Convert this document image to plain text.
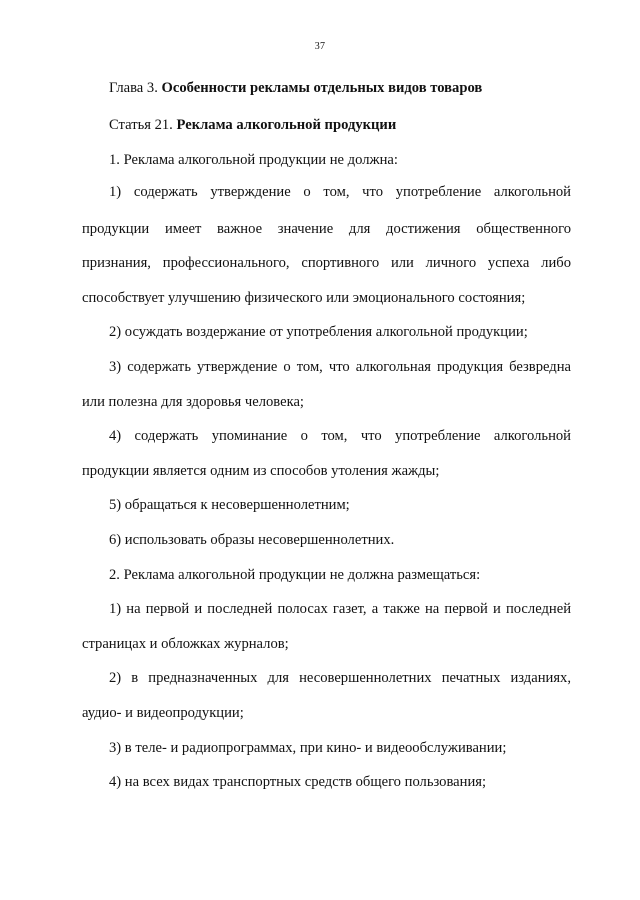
37
Глава 3. Особенности рекламы отдельных видов товаров
Статья 21. Реклама алкогольной продукции
1. Реклама алкогольной продукции не должна:
1) содержать утверждение о том, что употребление алкогольной
продукции имеет важное значение для достижения общественного
признания, профессионального, спортивного или личного успеха либо
способствует улучшению физического или эмоционального состояния;
2) осуждать воздержание от употребления алкогольной продукции;
3) содержать утверждение о том, что алкогольная продукция безвредна
или полезна для здоровья человека;
4) содержать упоминание о том, что употребление алкогольной
продукции является одним из способов утоления жажды;
5) обращаться к несовершеннолетним;
6) использовать образы несовершеннолетних.
2. Реклама алкогольной продукции не должна размещаться:
1) на первой и последней полосах газет, а также на первой и последней
страницах и обложках журналов;
2) в предназначенных для несовершеннолетних печатных изданиях,
аудио- и видеопродукции;
3) в теле- и радиопрограммах, при кино- и видеообслуживании;
4) на всех видах транспортных средств общего пользования;
